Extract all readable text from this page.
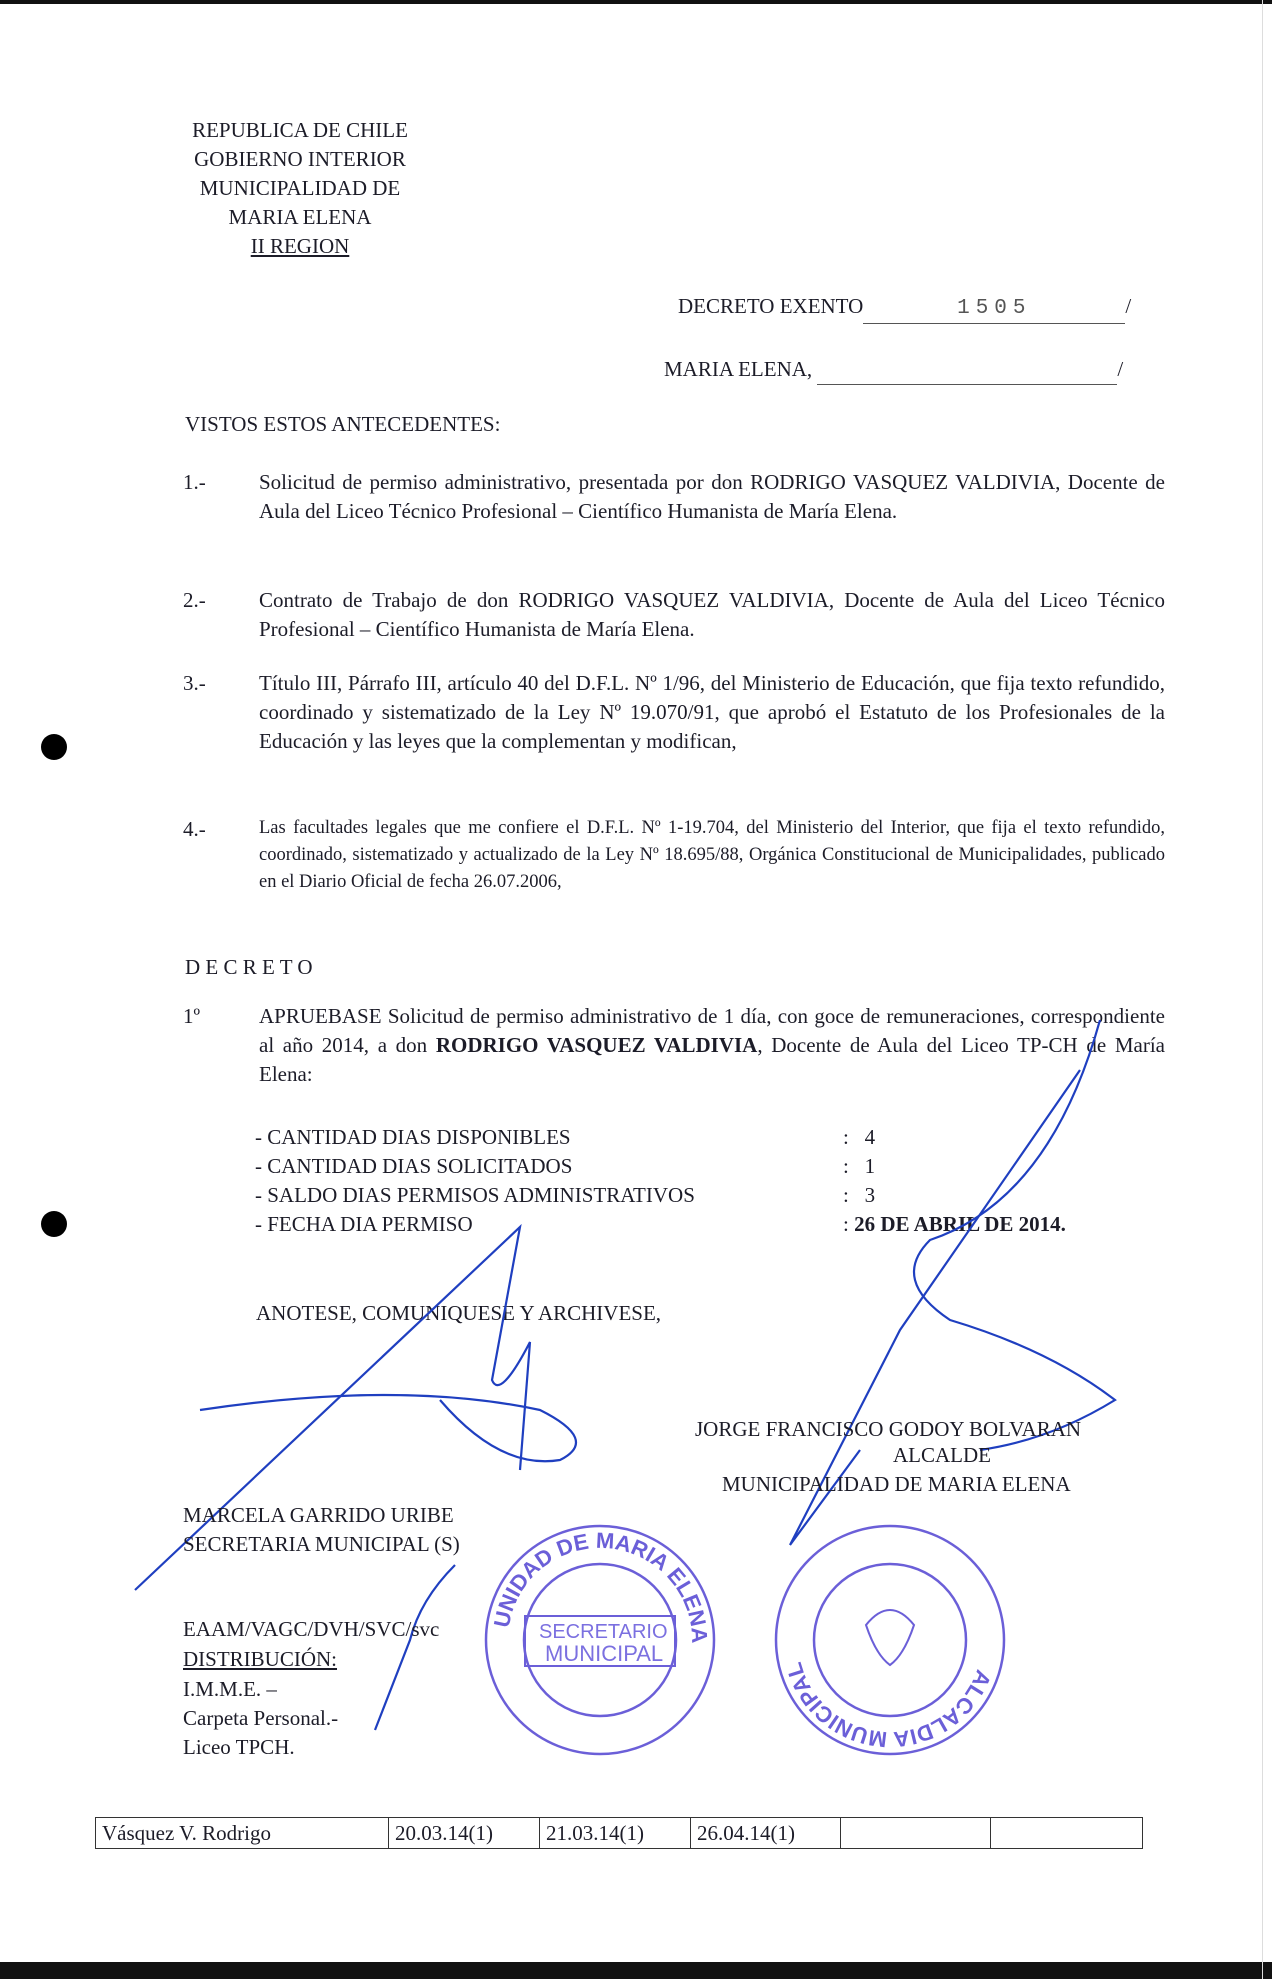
REPUBLICA DE CHILE
GOBIERNO INTERIOR
MUNICIPALIDAD DE
MARIA ELENA
II REGION
DECRETO EXENTO	1505	/
MARIA ELENA,	/
VISTOS ESTOS ANTECEDENTES:
1.-	Solicitud de permiso administrativo, presentada por don RODRIGO VASQUEZ VALDIVIA, Docente de Aula del Liceo Técnico Profesional – Científico Humanista de María Elena.
2.-	Contrato de Trabajo de don RODRIGO VASQUEZ VALDIVIA, Docente de Aula del Liceo Técnico Profesional – Científico Humanista de María Elena.
3.-	Título III, Párrafo III, artículo 40 del D.F.L. Nº 1/96, del Ministerio de Educación, que fija texto refundido, coordinado y sistematizado de la Ley Nº 19.070/91, que aprobó el Estatuto de los Profesionales de la Educación y las leyes que la complementan y modifican,
4.-	Las facultades legales que me confiere el D.F.L. Nº 1-19.704, del Ministerio del Interior, que fija el texto refundido, coordinado, sistematizado y actualizado de la Ley Nº 18.695/88, Orgánica Constitucional de Municipalidades, publicado en el Diario Oficial de fecha 26.07.2006,
D E C R E T O
1º	APRUEBASE Solicitud de permiso administrativo de 1 día, con goce de remuneraciones, correspondiente al año 2014, a don RODRIGO VASQUEZ VALDIVIA, Docente de Aula del Liceo TP-CH de María Elena:
- CANTIDAD DIAS DISPONIBLES	:   4
- CANTIDAD DIAS SOLICITADOS	:   1
- SALDO DIAS PERMISOS ADMINISTRATIVOS	:   3
- FECHA DIA PERMISO	: 26 DE ABRIL DE 2014.
ANOTESE, COMUNIQUESE Y ARCHIVESE,
SECRETARIO
MUNICIPAL
UNIDAD DE MARIA ELENA
ALCALDIA MUNICIPAL
JORGE FRANCISCO GODOY BOLVARAN
ALCALDE
MUNICIPALIDAD DE MARIA ELENA
MARCELA GARRIDO URIBE
SECRETARIA MUNICIPAL (S)
EAAM/VAGC/DVH/SVC/svc
DISTRIBUCIÓN:
I.M.M.E. –
Carpeta Personal.-
Liceo TPCH.
Vásquez V. Rodrigo	20.03.14(1)	21.03.14(1)	26.04.14(1)		
